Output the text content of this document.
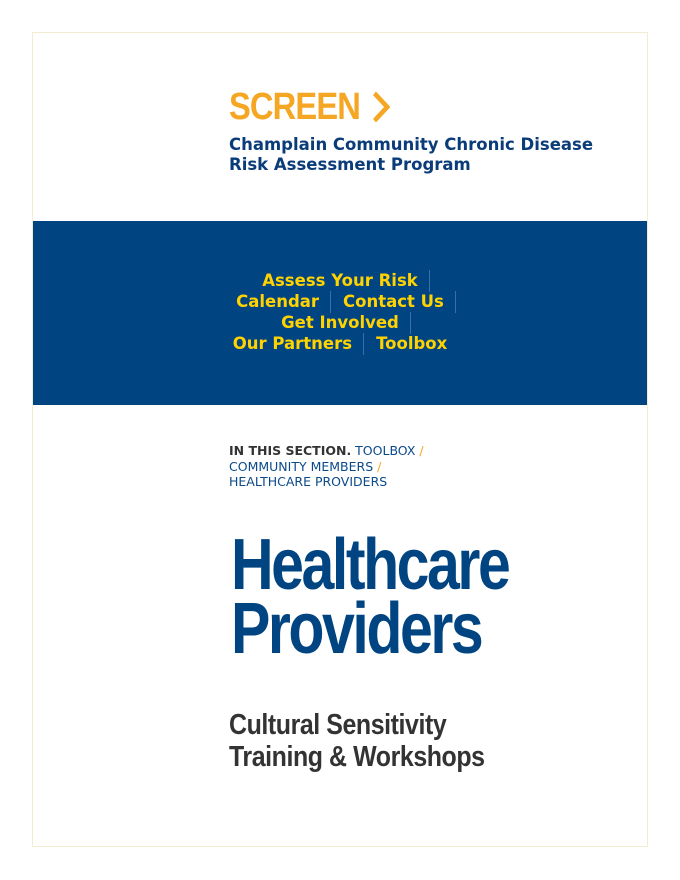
SCREEN
Champlain Community Chronic Disease Risk Assessment Program
Assess Your Risk
Calendar	Contact Us
Get Involved
Our Partners	Toolbox
IN THIS SECTION. TOOLBOX /
COMMUNITY MEMBERS /
HEALTHCARE PROVIDERS
Healthcare Providers
Cultural Sensitivity Training & Workshops
